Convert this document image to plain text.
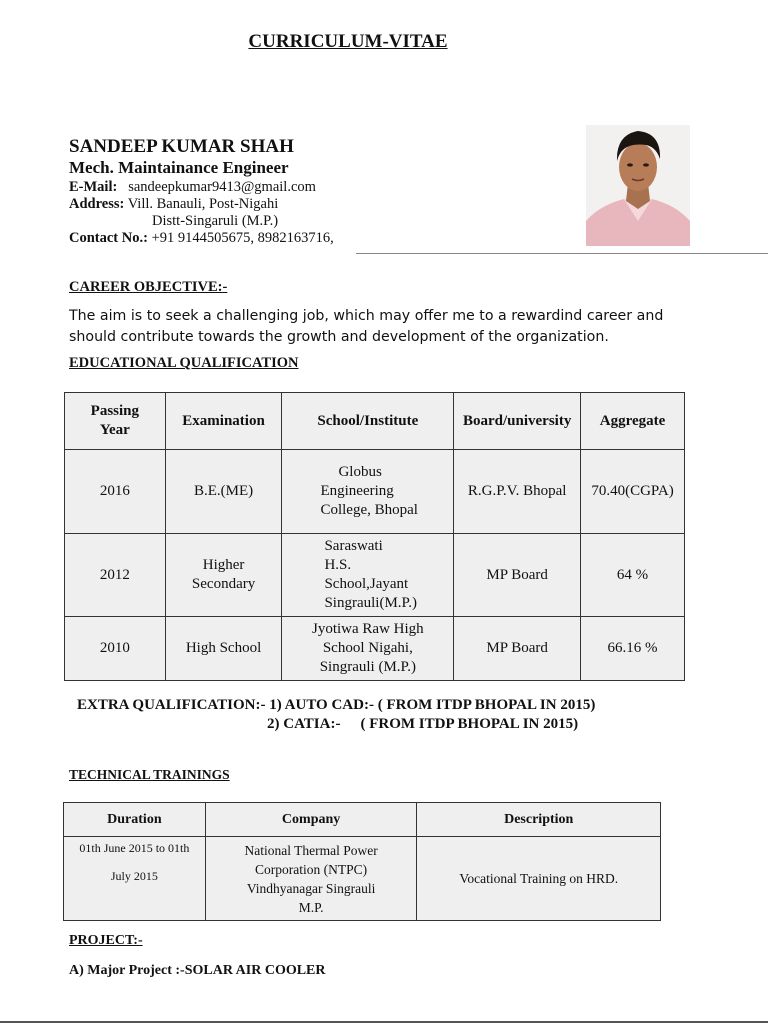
CURRICULUM-VITAE
SANDEEP KUMAR SHAH
Mech. Maintainance Engineer
E-Mail: sandeepkumar9413@gmail.com
Address: Vill. Banauli, Post-Nigahi
Distt-Singaruli (M.P.)
Contact No.: +91 9144505675, 8982163716,
CAREER OBJECTIVE:-
The aim is to seek a challenging job, which may offer me to a rewardind career and should contribute towards the growth and development of the organization.
EDUCATIONAL QUALIFICATION
Passing
Year	Examination	School/Institute	Board/university	Aggregate
2016	B.E.(ME)	Globus
Engineering
College, Bhopal	R.G.P.V. Bhopal	70.40(CGPA)
2012	Higher
Secondary	Saraswati
H.S.
School,Jayant
Singrauli(M.P.)	MP Board	64 %
2010	High School	Jyotiwa Raw High
School Nigahi,
Singrauli (M.P.)	MP Board	66.16 %
EXTRA QUALIFICATION:- 1) AUTO CAD:- ( FROM ITDP BHOPAL IN 2015)
2) CATIA:- ( FROM ITDP BHOPAL IN 2015)
TECHNICAL TRAININGS
Duration	Company	Description
01th June 2015 to 01th
July 2015	National Thermal Power
Corporation (NTPC)
Vindhyanagar Singrauli
M.P.	Vocational Training on HRD.
PROJECT:-
A) Major Project :-SOLAR AIR COOLER
